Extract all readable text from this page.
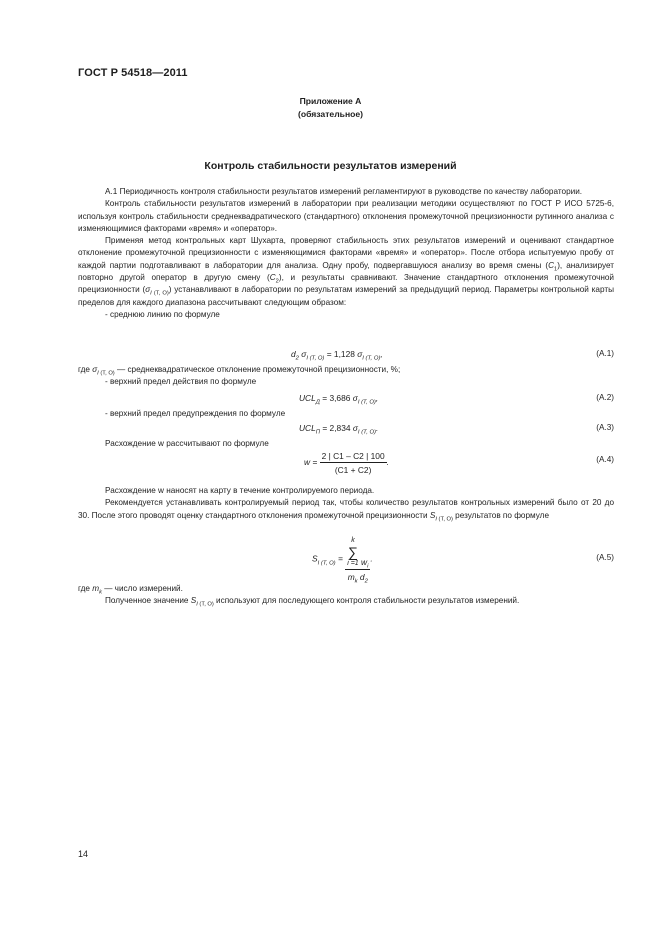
ГОСТ Р 54518—2011
Приложение А
(обязательное)
Контроль стабильности результатов измерений

А.1 Периодичность контроля стабильности результатов измерений регламентируют в руководстве по качеству лаборатории.

Контроль стабильности результатов измерений в лаборатории при реализации методики осуществляют по ГОСТ Р ИСО 5725-6, используя контроль стабильности среднеквадратического (стандартного) отклонения промежуточной прецизионности рутинного анализа с изменяющимися факторами «время» и «оператор».

Применяя метод контрольных карт Шухарта, проверяют стабильность этих результатов измерений и оценивают стандартное отклонение промежуточной прецизионности с изменяющимися факторами «время» и «оператор». После отбора испытуемую пробу от каждой партии подготавливают в лаборатории для анализа. Одну пробу, подвергавшуюся анализу во время смены $(C_1)$, анализирует повторно другой оператор в другую смену $(C_2)$, и результаты сравнивают. Значение стандартного отклонения промежуточной прецизионности $(\sigma_{I (Т, О)})$ устанавливают в лаборатории по результатам измерений за предыдущий период. Параметры контрольной карты пределов для каждого диапазона рассчитывают следующим образом:

- среднюю линию по формуле

$d_2$ $\sigma_{I (Т, О)} = 1,128$ $\sigma_{I (Т, О)}$,	(А.1)

где $\sigma_{I (Т, О)}$ — среднеквадратическое отклонение промежуточной прецизионности, %;

- верхний предел действия по формуле

$UCL_Д = 3,686$ $\sigma_{I (Т, О)}$,	(А.2)

- верхний предел предупреждения по формуле

$UCL_П = 2,834$ $\sigma_{I (Т, О)}$.	(А.3)

Расхождение w рассчитывают по формуле

$w = \frac{2 | C1 - C2 | 100}{(C1 + C2)}$ .	(А.4)

Расхождение w наносят на карту в течение контролируемого периода.

Рекомендуется устанавливать контролируемый период так, чтобы количество результатов контрольных измерений было от 20 до 30. После этого проводят оценку стандартного отклонения промежуточной прецизионности $S_{I (Т, О)}$ результатов по формуле

$S_{I (Т, О)}$ =
k
∑
i =1 $w_i$
$m_k$ $d_2$
.	(А.5)

где $m_k$ — число измерений.

Полученное значение $S_{I (Т, О)}$ используют для последующего контроля стабильности результатов измерений.

14
